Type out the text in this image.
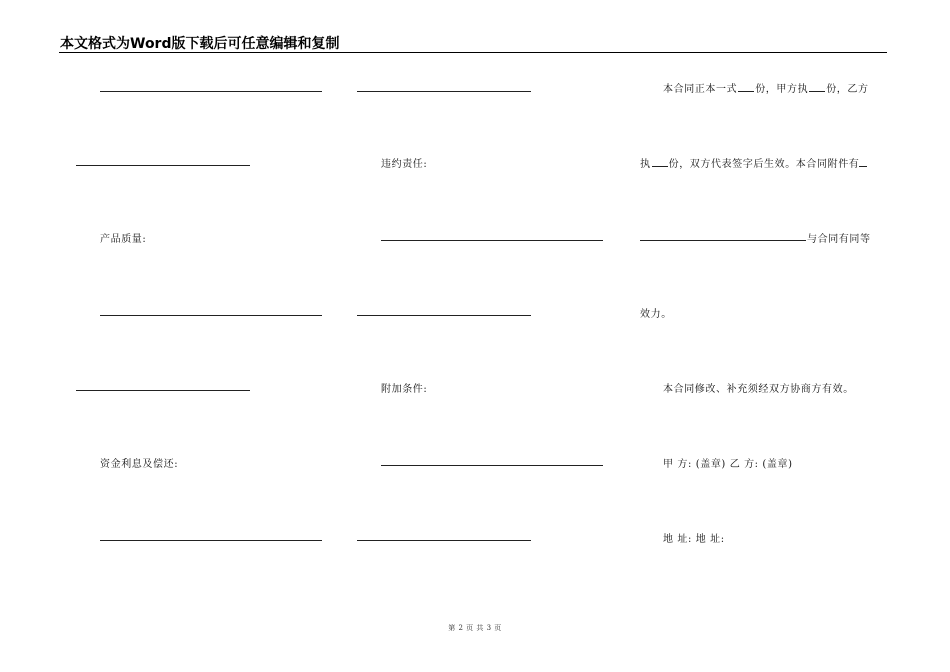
本文格式为Word版下载后可任意编辑和复制
产品质量:
资金利息及偿还:
违约责任:
附加条件:
本合同正本一式 份，甲方执 份，乙方
执 份，双方代表签字后生效。本合同附件有
与合同有同等
效力。
本合同修改、补充须经双方协商方有效。
甲 方: (盖章) 乙 方: (盖章)
地 址: 地 址:
第 2 页 共 3 页
